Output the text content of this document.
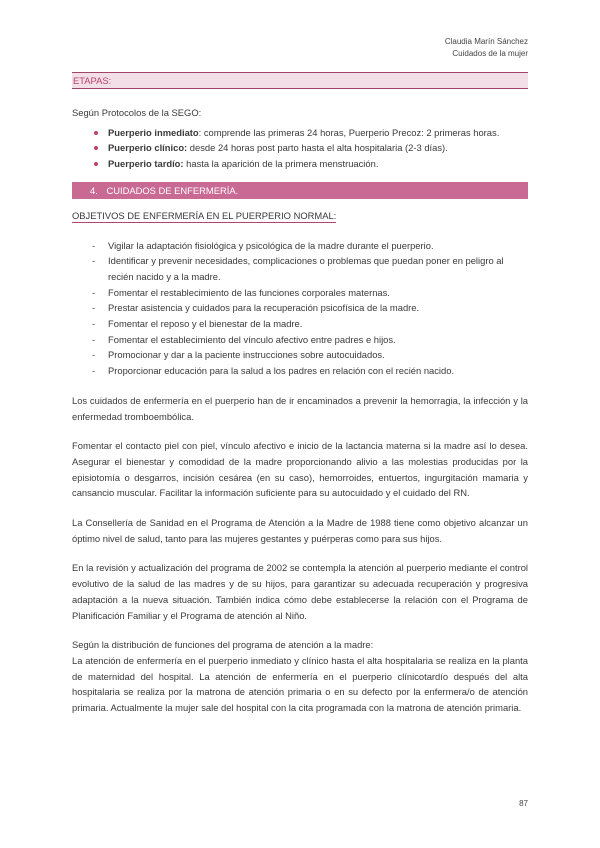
Claudia Marín Sánchez
Cuidados de la mujer
ETAPAS:

Según Protocolos de la SEGO:

Puerperio inmediato: comprende las primeras 24 horas, Puerperio Precoz: 2 primeras horas.
Puerperio clínico: desde 24 horas post parto hasta el alta hospitalaria (2-3 días).
Puerperio tardío: hasta la aparición de la primera menstruación.
4. CUIDADOS DE ENFERMERÍA.
OBJETIVOS DE ENFERMERÍA EN EL PUERPERIO NORMAL:
- Vigilar la adaptación fisiológica y psicológica de la madre durante el puerperio.
- Identificar y prevenir necesidades, complicaciones o problemas que puedan poner en peligro al recién nacido y a la madre.
- Fomentar el restablecimiento de las funciones corporales maternas.
- Prestar asistencia y cuidados para la recuperación psicofísica de la madre.
- Fomentar el reposo y el bienestar de la madre.
- Fomentar el establecimiento del vínculo afectivo entre padres e hijos.
- Promocionar y dar a la paciente instrucciones sobre autocuidados.
- Proporcionar educación para la salud a los padres en relación con el recién nacido.

Los cuidados de enfermería en el puerperio han de ir encaminados a prevenir la hemorragia, la infección y la enfermedad tromboembólica.

Fomentar el contacto piel con piel, vínculo afectivo e inicio de la lactancia materna si la madre así lo desea. Asegurar el bienestar y comodidad de la madre proporcionando alivio a las molestias producidas por la episiotomía o desgarros, incisión cesárea (en su caso), hemorroides, entuertos, ingurgitación mamaria y cansancio muscular. Facilitar la información suficiente para su autocuidado y el cuidado del RN.

La Consellería de Sanidad en el Programa de Atención a la Madre de 1988 tiene como objetivo alcanzar un óptimo nivel de salud, tanto para las mujeres gestantes y puérperas como para sus hijos.

En la revisión y actualización del programa de 2002 se contempla la atención al puerperio mediante el control evolutivo de la salud de las madres y de su hijos, para garantizar su adecuada recuperación y progresiva adaptación a la nueva situación. También indica cómo debe establecerse la relación con el Programa de Planificación Familiar y el Programa de atención al Niño.

Según la distribución de funciones del programa de atención a la madre:

La atención de enfermería en el puerperio inmediato y clínico hasta el alta hospitalaria se realiza en la planta de maternidad del hospital. La atención de enfermería en el puerperio clínicotardío después del alta hospitalaria se realiza por la matrona de atención primaria o en su defecto por la enfermera/o de atención primaria. Actualmente la mujer sale del hospital con la cita programada con la matrona de atención primaria.

87
